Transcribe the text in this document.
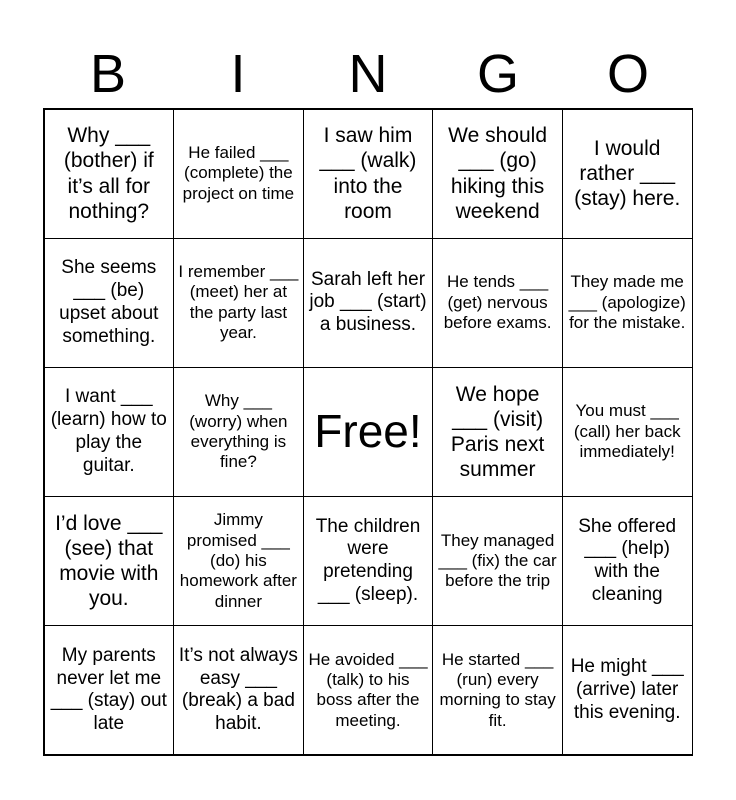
B	I	N	G	O
Why ___ (bother) if it’s all for nothing?
He failed ___ (complete) the project on time
I saw him ___ (walk) into the room
We should ___ (go) hiking this weekend
I would rather ___ (stay) here.
She seems ___ (be) upset about something.
I remember ___ (meet) her at the party last year.
Sarah left her job ___ (start) a business.
He tends ___ (get) nervous before exams.
They made me ___ (apologize) for the mistake.
I want ___ (learn) how to play the guitar.
Why ___ (worry) when everything is fine?
Free!
We hope ___ (visit) Paris next summer
You must ___ (call) her back immediately!
I’d love ___ (see) that movie with you.
Jimmy promised ___ (do) his homework after dinner
The children were pretending ___ (sleep).
They managed ___ (fix) the car before the trip
She offered ___ (help) with the cleaning
My parents never let me ___ (stay) out late
It’s not always easy ___ (break) a bad habit.
He avoided ___ (talk) to his boss after the meeting.
He started ___ (run) every morning to stay fit.
He might ___ (arrive) later this evening.
